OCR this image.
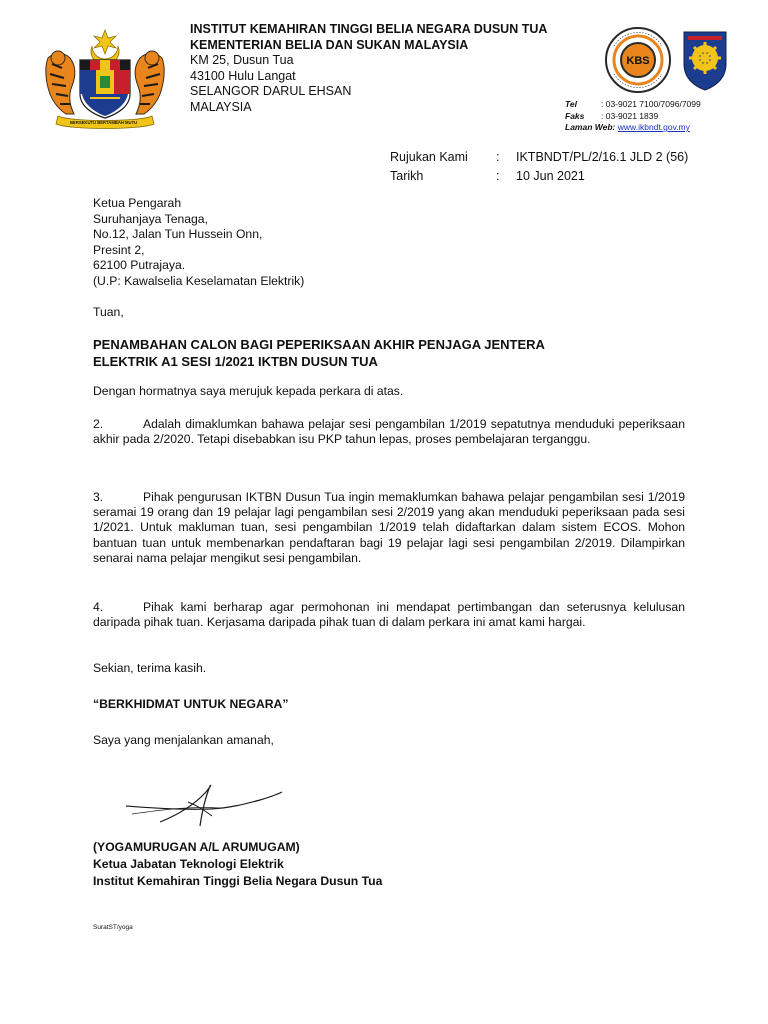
BERSEKUTU BERTAMBAH MUTU
INSTITUT KEMAHIRAN TINGGI BELIA NEGARA DUSUN TUA
KEMENTERIAN BELIA DAN SUKAN MALAYSIA
KM 25, Dusun Tua
43100 Hulu Langat
SELANGOR DARUL EHSAN
MALAYSIA
KBS
Tel	: 03-9021 7100/7096/7099
Faks : 03-9021 1839
Laman Web: www.ikbndt.gov.my
Rujukan Kami : IKTBNDT/PL/2/16.1 JLD 2 (56)
Tarikh	: 10 Jun 2021
Ketua Pengarah
Suruhanjaya Tenaga,
No.12, Jalan Tun Hussein Onn,
Presint 2,
62100 Putrajaya.
(U.P: Kawalselia Keselamatan Elektrik)
Tuan,
PENAMBAHAN CALON BAGI PEPERIKSAAN AKHIR PENJAGA JENTERA
ELEKTRIK A1 SESI 1/2021 IKTBN DUSUN TUA
Dengan hormatnya saya merujuk kepada perkara di atas.
2.	Adalah dimaklumkan bahawa pelajar sesi pengambilan 1/2019 sepatutnya menduduki peperiksaan akhir pada 2/2020. Tetapi disebabkan isu PKP tahun lepas, proses pembelajaran terganggu.
3.	Pihak pengurusan IKTBN Dusun Tua ingin memaklumkan bahawa pelajar pengambilan sesi 1/2019 seramai 19 orang dan 19 pelajar lagi pengambilan sesi 2/2019 yang akan menduduki peperiksaan pada sesi 1/2021. Untuk makluman tuan, sesi pengambilan 1/2019 telah didaftarkan dalam sistem ECOS. Mohon bantuan tuan untuk membenarkan pendaftaran bagi 19 pelajar lagi sesi pengambilan 2/2019. Dilampirkan senarai nama pelajar mengikut sesi pengambilan.
4.	Pihak kami berharap agar permohonan ini mendapat pertimbangan dan seterusnya kelulusan daripada pihak tuan. Kerjasama daripada pihak tuan di dalam perkara ini amat kami hargai.
Sekian, terima kasih.
“BERKHIDMAT UNTUK NEGARA”
Saya yang menjalankan amanah,
(YOGAMURUGAN A/L ARUMUGAM)
Ketua Jabatan Teknologi Elektrik
Institut Kemahiran Tinggi Belia Negara Dusun Tua
SuratST/yoga
